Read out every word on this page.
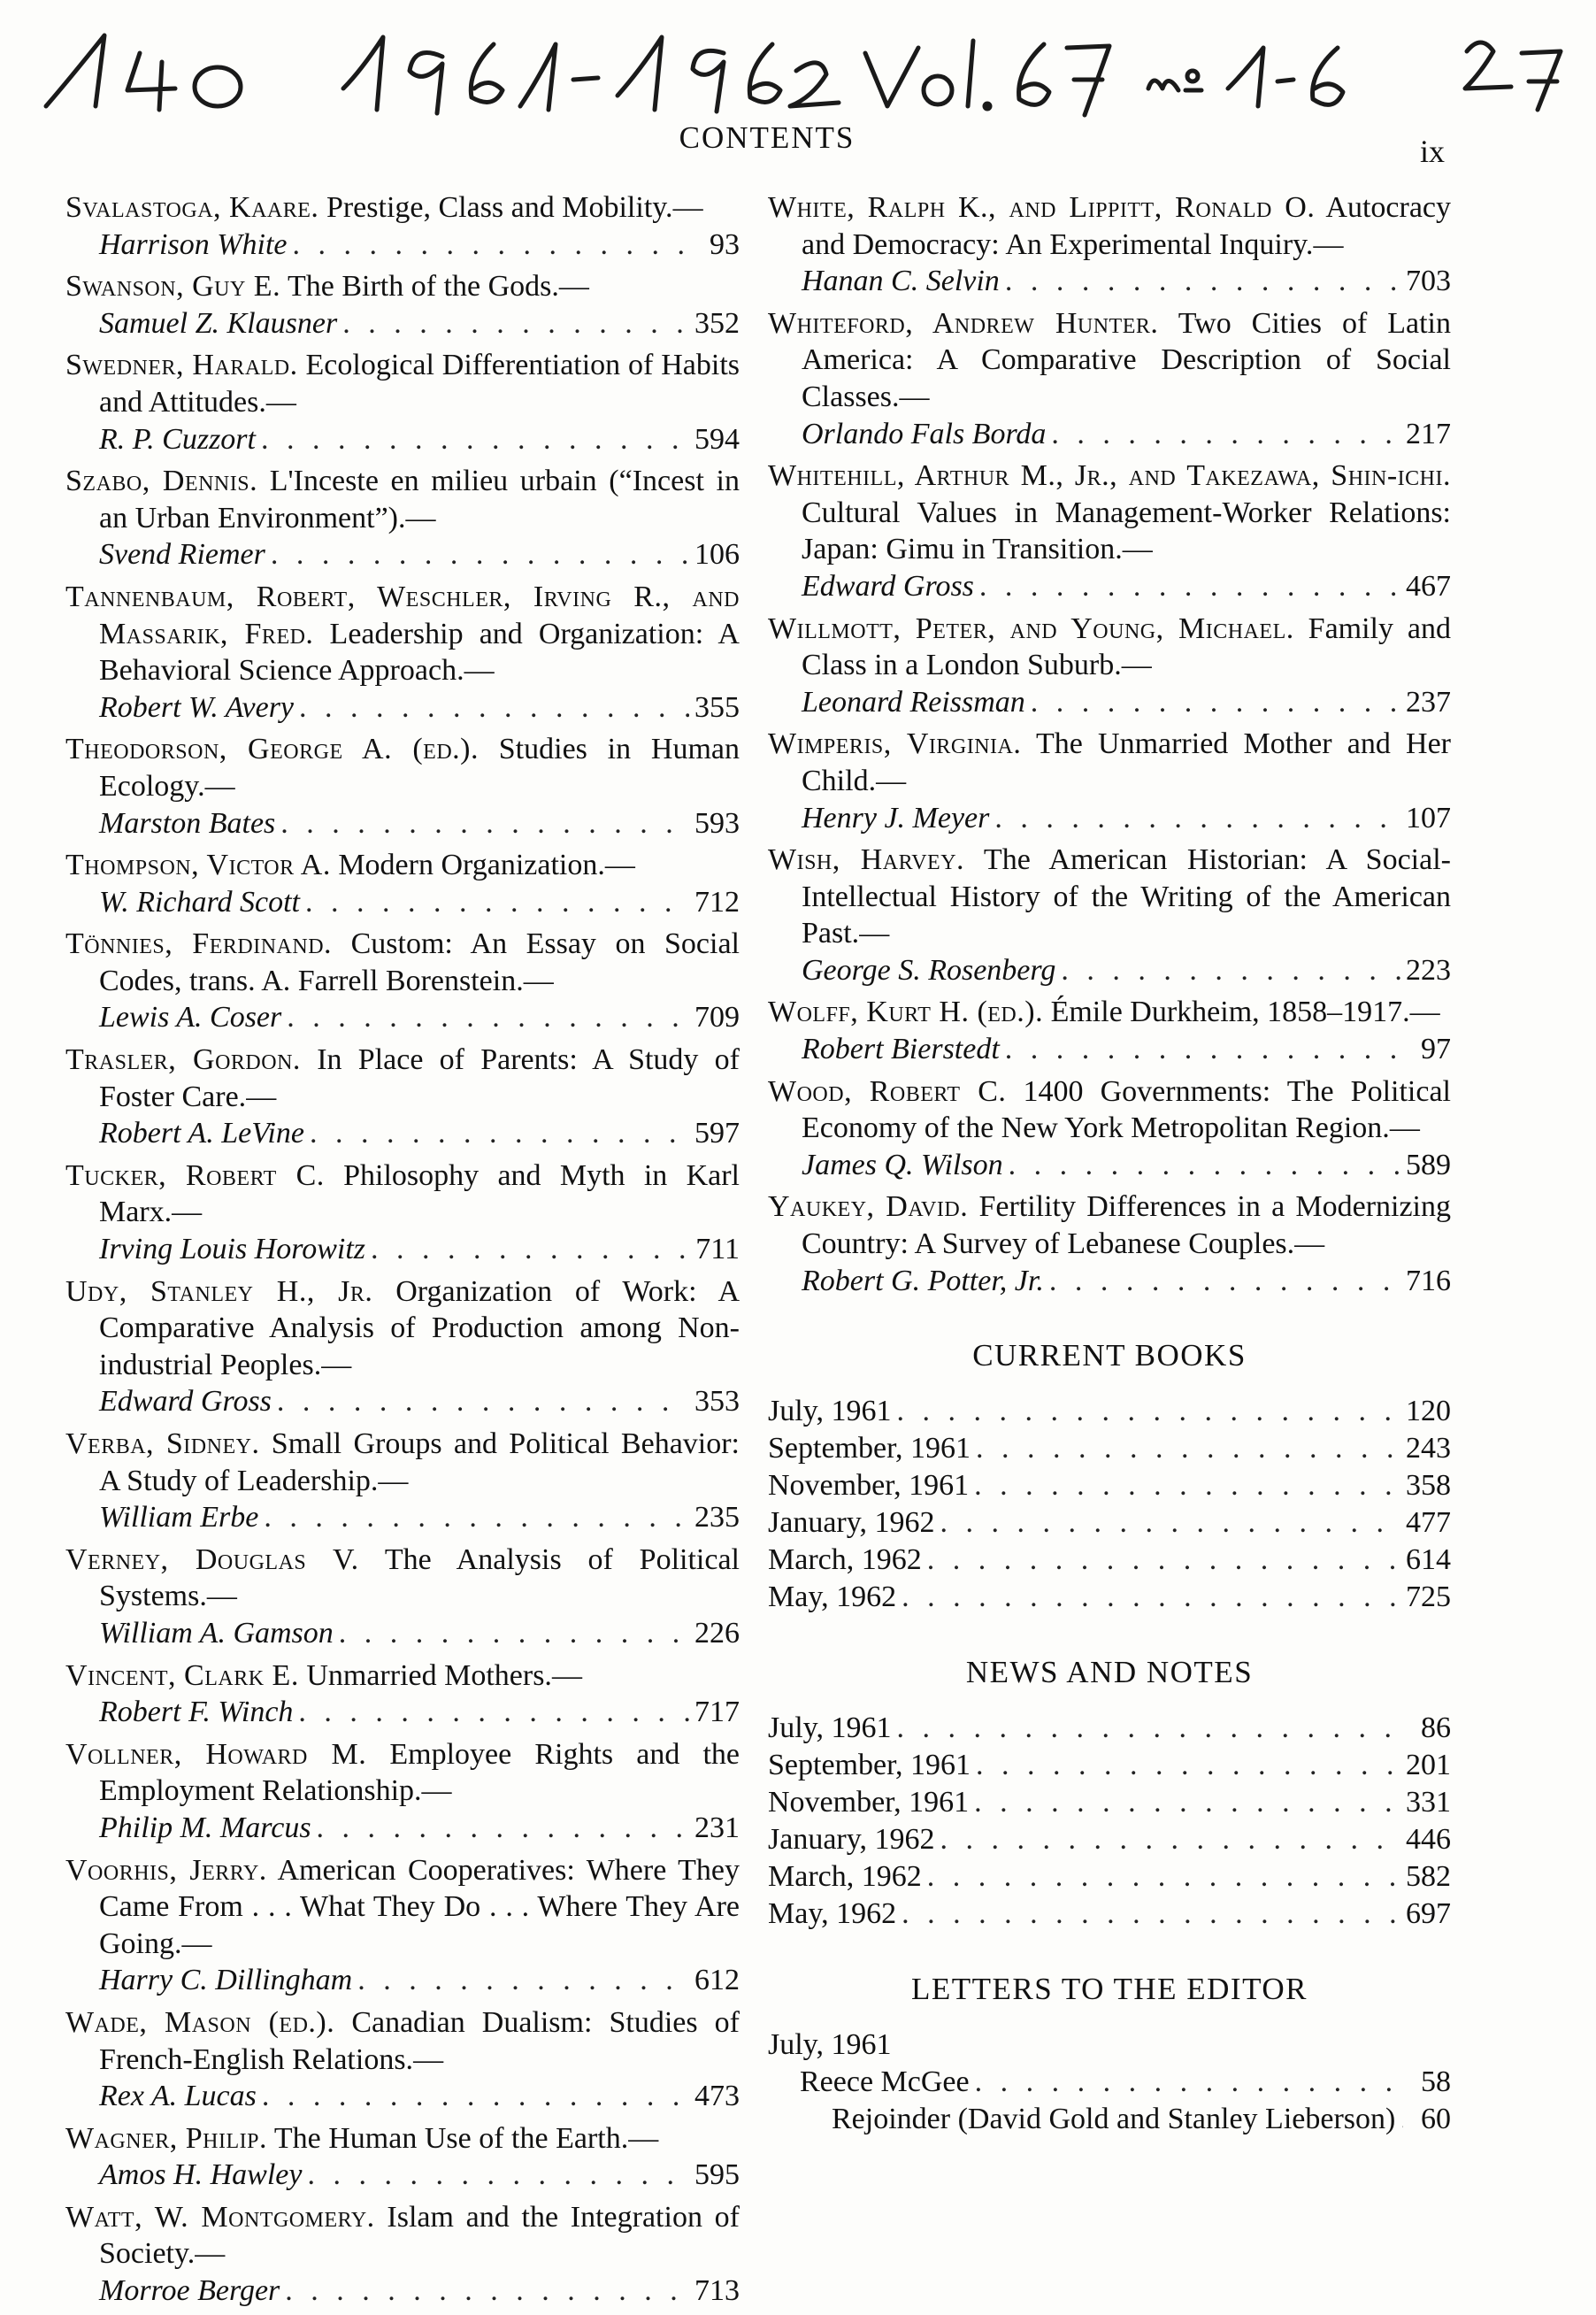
CONTENTS	ix
Svalastoga, Kaare. Prestige, Class and Mobility.—
Harrison White . . .	93
Swanson, Guy E. The Birth of the Gods.—
Samuel Z. Klausner . . .	352
Swedner, Harald. Ecological Differentiation of Habits and Attitudes.—
R. P. Cuzzort . . .	594
Szabo, Dennis. L'Inceste en milieu urbain (“Incest in an Urban Environment”).—
Svend Riemer . . .	106
Tannenbaum, Robert, Weschler, Irving R., and Massarik, Fred. Leadership and Organization: A Behavioral Science Approach.—
Robert W. Avery . . .	355
Theodorson, George A. (ed.). Studies in Human Ecology.—
Marston Bates . . .	593
Thompson, Victor A. Modern Organization.—
W. Richard Scott . . .	712
Tönnies, Ferdinand. Custom: An Essay on Social Codes, trans. A. Farrell Borenstein.—
Lewis A. Coser . . .	709
Trasler, Gordon. In Place of Parents: A Study of Foster Care.—
Robert A. LeVine . . .	597
Tucker, Robert C. Philosophy and Myth in Karl Marx.—
Irving Louis Horowitz . . .	711
Udy, Stanley H., Jr. Organization of Work: A Comparative Analysis of Production among Non-industrial Peoples.—
Edward Gross . . .	353
Verba, Sidney. Small Groups and Political Behavior: A Study of Leadership.—
William Erbe . . .	235
Verney, Douglas V. The Analysis of Political Systems.—
William A. Gamson . . .	226
Vincent, Clark E. Unmarried Mothers.—
Robert F. Winch . . .	717
Vollner, Howard M. Employee Rights and the Employment Relationship.—
Philip M. Marcus . . .	231
Voorhis, Jerry. American Cooperatives: Where They Came From . . . What They Do . . . Where They Are Going.—
Harry C. Dillingham . . .	612
Wade, Mason (ed.). Canadian Dualism: Studies of French-English Relations.—
Rex A. Lucas . . .	473
Wagner, Philip. The Human Use of the Earth.—
Amos H. Hawley . . .	595
Watt, W. Montgomery. Islam and the Integration of Society.—
Morroe Berger . . .	713
White, Ralph K., and Lippitt, Ronald O. Autocracy and Democracy: An Experimental Inquiry.—
Hanan C. Selvin . . .	703
Whiteford, Andrew Hunter. Two Cities of Latin America: A Comparative Description of Social Classes.—
Orlando Fals Borda . . .	217
Whitehill, Arthur M., Jr., and Takezawa, Shin-ichi. Cultural Values in Management-Worker Relations: Japan: Gimu in Transition.—
Edward Gross . . .	467
Willmott, Peter, and Young, Michael. Family and Class in a London Suburb.—
Leonard Reissman . . .	237
Wimperis, Virginia. The Unmarried Mother and Her Child.—
Henry J. Meyer . . .	107
Wish, Harvey. The American Historian: A Social-Intellectual History of the Writing of the American Past.—
George S. Rosenberg . . .	223
Wolff, Kurt H. (ed.). Émile Durkheim, 1858–1917.—
Robert Bierstedt . . .	97
Wood, Robert C. 1400 Governments: The Political Economy of the New York Metropolitan Region.—
James Q. Wilson . . .	589
Yaukey, David. Fertility Differences in a Modernizing Country: A Survey of Lebanese Couples.—
Robert G. Potter, Jr. . . .	716
CURRENT BOOKS
July, 1961 . . .	120
September, 1961 . . .	243
November, 1961 . . .	358
January, 1962 . . .	477
March, 1962 . . .	614
May, 1962 . . .	725
NEWS AND NOTES
July, 1961 . . .	86
September, 1961 . . .	201
November, 1961 . . .	331
January, 1962 . . .	446
March, 1962 . . .	582
May, 1962 . . .	697
LETTERS TO THE EDITOR
July, 1961
Reece McGee . . .	58
Rejoinder (David Gold and Stanley Lieberson) . . . 60
